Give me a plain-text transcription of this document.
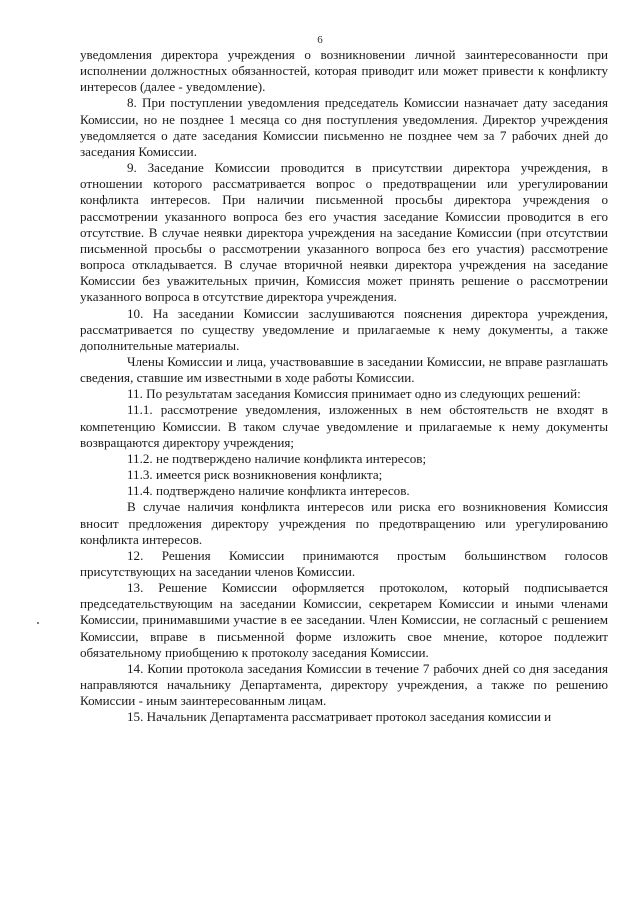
6

уведомления директора учреждения о возникновении личной заинтересованности при исполнении должностных обязанностей, которая приводит или может привести к конфликту интересов (далее - уведомление).

8. При поступлении уведомления председатель Комиссии назначает дату заседания Комиссии, но не позднее 1 месяца со дня поступления уведомления. Директор учреждения уведомляется о дате заседания Комиссии письменно не позднее чем за 7 рабочих дней до заседания Комиссии.

9. Заседание Комиссии проводится в присутствии директора учреждения, в отношении которого рассматривается вопрос о предотвращении или урегулировании конфликта интересов. При наличии письменной просьбы директора учреждения о рассмотрении указанного вопроса без его участия заседание Комиссии проводится в его отсутствие. В случае неявки директора учреждения на заседание Комиссии (при отсутствии письменной просьбы о рассмотрении указанного вопроса без его участия) рассмотрение вопроса откладывается. В случае вторичной неявки директора учреждения на заседание Комиссии без уважительных причин, Комиссия может принять решение о рассмотрении указанного вопроса в отсутствие директора учреждения.

10. На заседании Комиссии заслушиваются пояснения директора учреждения, рассматривается по существу уведомление и прилагаемые к нему документы, а также дополнительные материалы.

Члены Комиссии и лица, участвовавшие в заседании Комиссии, не вправе разглашать сведения, ставшие им известными в ходе работы Комиссии.

11. По результатам заседания Комиссия принимает одно из следующих решений:

11.1. рассмотрение уведомления, изложенных в нем обстоятельств не входят в компетенцию Комиссии. В таком случае уведомление и прилагаемые к нему документы возвращаются директору учреждения;

11.2. не подтверждено наличие конфликта интересов;

11.3. имеется риск возникновения конфликта;

11.4. подтверждено наличие конфликта интересов.

В случае наличия конфликта интересов или риска его возникновения Комиссия вносит предложения директору учреждения по предотвращению или урегулированию конфликта интересов.

12. Решения Комиссии принимаются простым большинством голосов присутствующих на заседании членов Комиссии.

13. Решение Комиссии оформляется протоколом, который подписывается председательствующим на заседании Комиссии, секретарем Комиссии и иными членами Комиссии, принимавшими участие в ее заседании. Член Комиссии, не согласный с решением Комиссии, вправе в письменной форме изложить свое мнение, которое подлежит обязательному приобщению к протоколу заседания Комиссии.

14. Копии протокола заседания Комиссии в течение 7 рабочих дней со дня заседания направляются начальнику Департамента, директору учреждения, а также по решению Комиссии - иным заинтересованным лицам.

15. Начальник Департамента рассматривает протокол заседания комиссии и
